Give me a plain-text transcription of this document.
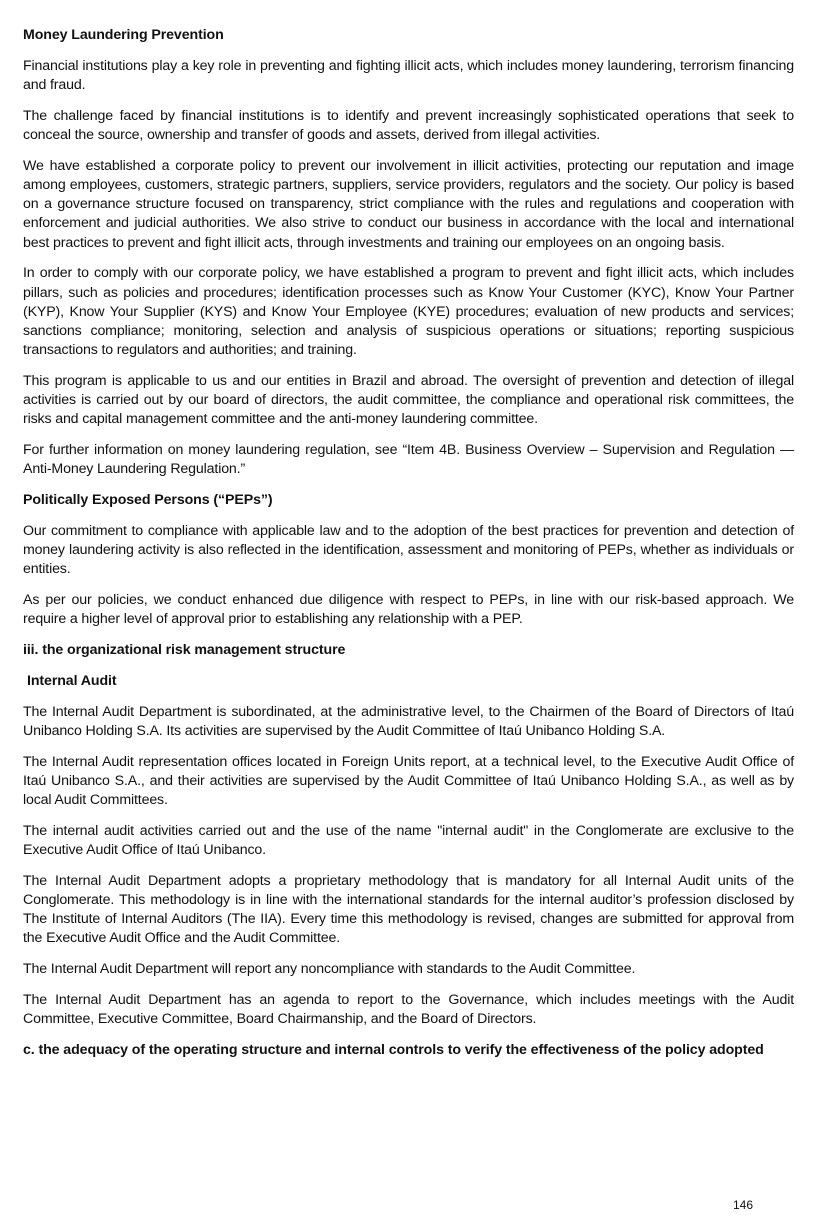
Money Laundering Prevention

Financial institutions play a key role in preventing and fighting illicit acts, which includes money laundering, terrorism financing and fraud.

The challenge faced by financial institutions is to identify and prevent increasingly sophisticated operations that seek to conceal the source, ownership and transfer of goods and assets, derived from illegal activities.

We have established a corporate policy to prevent our involvement in illicit activities, protecting our reputation and image among employees, customers, strategic partners, suppliers, service providers, regulators and the society. Our policy is based on a governance structure focused on transparency, strict compliance with the rules and regulations and cooperation with enforcement and judicial authorities. We also strive to conduct our business in accordance with the local and international best practices to prevent and fight illicit acts, through investments and training our employees on an ongoing basis.

In order to comply with our corporate policy, we have established a program to prevent and fight illicit acts, which includes pillars, such as policies and procedures; identification processes such as Know Your Customer (KYC), Know Your Partner (KYP), Know Your Supplier (KYS) and Know Your Employee (KYE) procedures; evaluation of new products and services; sanctions compliance; monitoring, selection and analysis of suspicious operations or situations; reporting suspicious transactions to regulators and authorities; and training.

This program is applicable to us and our entities in Brazil and abroad. The oversight of prevention and detection of illegal activities is carried out by our board of directors, the audit committee, the compliance and operational risk committees, the risks and capital management committee and the anti-money laundering committee.

For further information on money laundering regulation, see “Item 4B. Business Overview – Supervision and Regulation — Anti-Money Laundering Regulation.”

Politically Exposed Persons (“PEPs”)

Our commitment to compliance with applicable law and to the adoption of the best practices for prevention and detection of money laundering activity is also reflected in the identification, assessment and monitoring of PEPs, whether as individuals or entities.

As per our policies, we conduct enhanced due diligence with respect to PEPs, in line with our risk-based approach. We require a higher level of approval prior to establishing any relationship with a PEP.

iii. the organizational risk management structure
Internal Audit

The Internal Audit Department is subordinated, at the administrative level, to the Chairmen of the Board of Directors of Itaú Unibanco Holding S.A. Its activities are supervised by the Audit Committee of Itaú Unibanco Holding S.A.

The Internal Audit representation offices located in Foreign Units report, at a technical level, to the Executive Audit Office of Itaú Unibanco S.A., and their activities are supervised by the Audit Committee of Itaú Unibanco Holding S.A., as well as by local Audit Committees.

The internal audit activities carried out and the use of the name "internal audit" in the Conglomerate are exclusive to the Executive Audit Office of Itaú Unibanco.

The Internal Audit Department adopts a proprietary methodology that is mandatory for all Internal Audit units of the Conglomerate. This methodology is in line with the international standards for the internal auditor’s profession disclosed by The Institute of Internal Auditors (The IIA). Every time this methodology is revised, changes are submitted for approval from the Executive Audit Office and the Audit Committee.

The Internal Audit Department will report any noncompliance with standards to the Audit Committee.

The Internal Audit Department has an agenda to report to the Governance, which includes meetings with the Audit Committee, Executive Committee, Board Chairmanship, and the Board of Directors.

c. the adequacy of the operating structure and internal controls to verify the effectiveness of the policy adopted
146
